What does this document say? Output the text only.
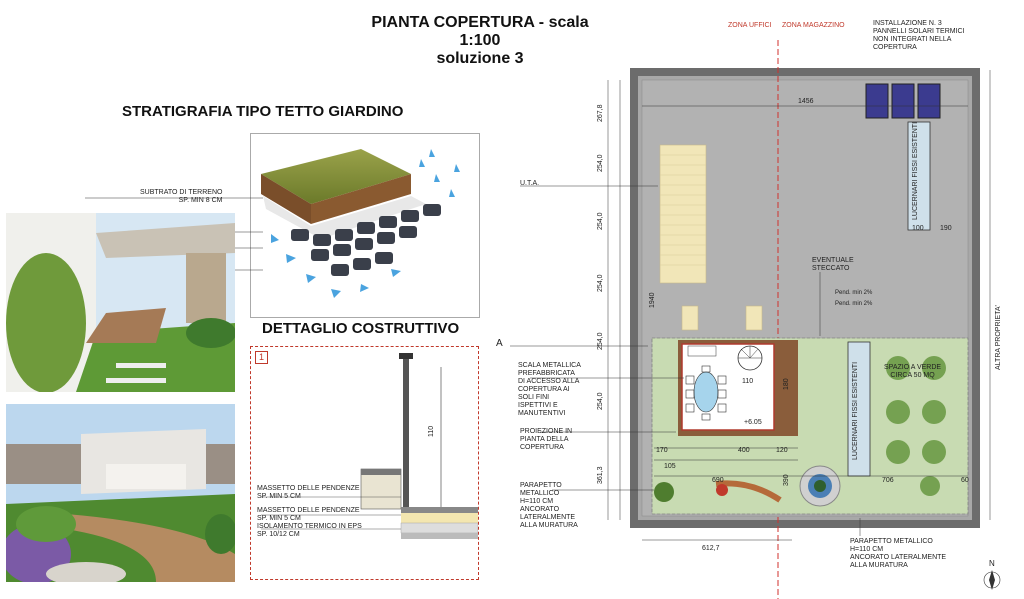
PIANTA COPERTURA - scala 1:100
soluzione 3
STRATIGRAFIA TIPO TETTO GIARDINO
DETTAGLIO COSTRUTTIVO
SUBTRATO DI TERRENO
SP. MIN 8 CM
1
110
MASSETTO DELLE PENDENZE
SP. MIN 5 CM
MASSETTO DELLE PENDENZE
SP. MIN 5 CM
ISOLAMENTO TERMICO IN EPS
SP. 10/12 CM
ZONA UFFICI ZONA MAGAZZINO
1456
267,8
254,0
254,0
254,0
254,0
254,0
361,3
1940
100 190
110
170
105
400	120
180
390
690	706	60
612,7
+6.05
A
LUCERNARI FISSI ESISTENTI
LUCERNARI FISSI ESISTENTI
ALTRA PROPRIETA'
N
INSTALLAZIONE N. 3
PANNELLI SOLARI TERMICI
NON INTEGRATI NELLA
COPERTURA
U.T.A.
EVENTUALE
STECCATO
Pend. min 2%
Pend. min 2%
SCALA METALLICA
PREFABBRICATA
DI ACCESSO ALLA
COPERTURA AI
SOLI FINI
ISPETTIVI E
MANUTENTIVI
PROIEZIONE IN
PIANTA DELLA
COPERTURA
PARAPETTO
METALLICO
H=110 CM
ANCORATO
LATERALMENTE
ALLA MURATURA
PARAPETTO METALLICO
H=110 CM
ANCORATO LATERALMENTE
ALLA MURATURA
SPAZIO A VERDE
CIRCA 50 MQ
